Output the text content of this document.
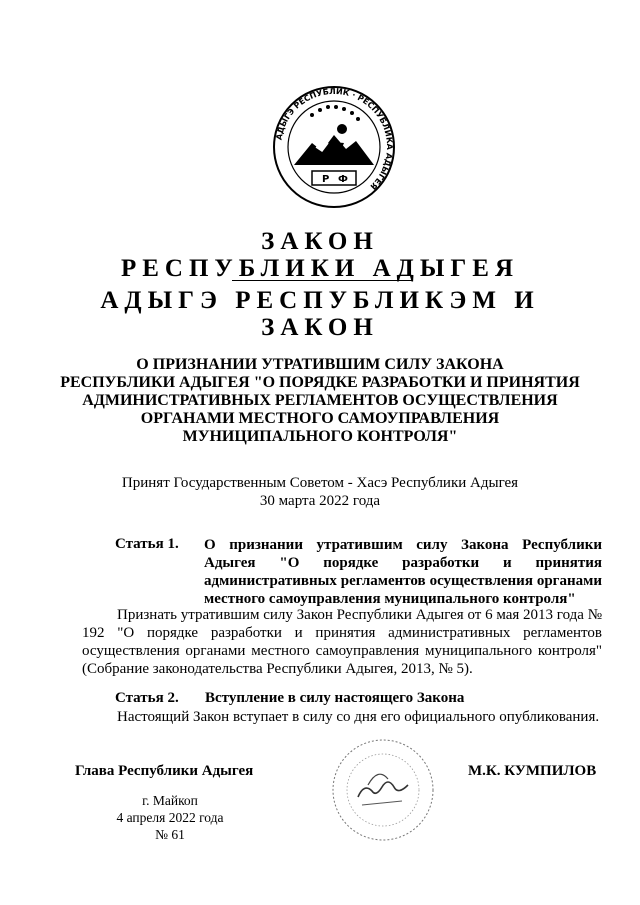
АДЫГЭ РЕСПУБЛИК · РЕСПУБЛИКА АДЫГЕЯ
Р Ф
ЗАКОН
РЕСПУБЛИКИ АДЫГЕЯ
АДЫГЭ РЕСПУБЛИКЭМ И
ЗАКОН
О ПРИЗНАНИИ УТРАТИВШИМ СИЛУ ЗАКОНА
РЕСПУБЛИКИ АДЫГЕЯ "О ПОРЯДКЕ РАЗРАБОТКИ И ПРИНЯТИЯ
АДМИНИСТРАТИВНЫХ РЕГЛАМЕНТОВ ОСУЩЕСТВЛЕНИЯ
ОРГАНАМИ МЕСТНОГО САМОУПРАВЛЕНИЯ
МУНИЦИПАЛЬНОГО КОНТРОЛЯ"
Принят Государственным Советом - Хасэ Республики Адыгея
30 марта 2022 года
Статья 1. О признании утратившим силу Закона Республики Адыгея "О порядке разработки и принятия административных регламентов осуществления органами местного самоуправления муниципального контроля"
Признать утратившим силу Закон Республики Адыгея от 6 мая 2013 года № 192 "О порядке разработки и принятия административных регламентов осуществления органами местного самоуправления муниципального контроля" (Собрание законодательства Республики Адыгея, 2013, № 5).
Статья 2. Вступление в силу настоящего Закона
Настоящий Закон вступает в силу со дня его официального опубликования.
Глава Республики Адыгея	М.К. КУМПИЛОВ
г. Майкоп
4 апреля 2022 года
№ 61
